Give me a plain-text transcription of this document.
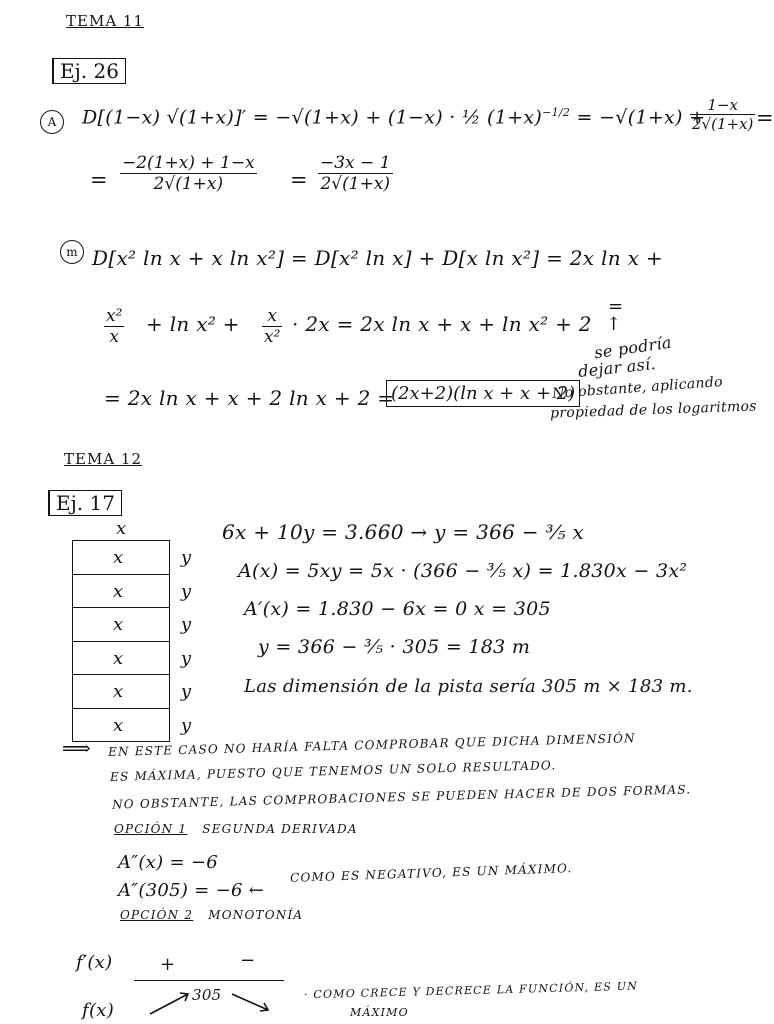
TEMA 11
Ej. 26
A	D[(1−x) √(1+x)]′ = −√(1+x) + (1−x) · ½ $(1+x)^{-1/2} = -√(1+x)$ +
$\frac{1-x}{2√(1+x)}$ =
= $\frac{-2(1+x) + 1-x}{2√(1+x)} = \frac{-3x - 1}{2√(1+x)}$
m D[x² ln x + x ln x²] = D[x² ln x] + D[x ln x²] = 2x ln x +
$\frac{\text{x²}}{x} + \ln x^2 + \frac{x}{\text{x²}} \cdot 2x = 2x$ ln x + x + ln x² + 2
=
↑
se podría
dejar así.
= 2x ln x + x + 2 ln x + 2 =
(2x+2)(ln x + x + 2)
No obstante, aplicando
propiedad de los logaritmos
TEMA 12
Ej. 17
x
x	y
x	y
x	y
x	y
x	y
x	y
6x + 10y = 3.660 → y = 366 − ³⁄₅ x
A(x) = 5xy = 5x · (366 − ³⁄₅ x) = 1.830x − 3x²
A′(x) = 1.830 − 6x = 0 x = 305
y = 366 − ³⁄₅ · 305 = 183 m
Las dimensión de la pista sería 305 m × 183 m.
⟹ EN ESTE CASO NO HARÍA FALTA COMPROBAR QUE DICHA DIMENSIÓN
ES MÁXIMA, PUESTO QUE TENEMOS UN SOLO RESULTADO.
NO OBSTANTE, LAS COMPROBACIONES SE PUEDEN HACER DE DOS FORMAS.
OPCIÓN 1 SEGUNDA DERIVADA
A″(x) = −6
A″(305) = −6 ←
COMO ES NEGATIVO, ES UN MÁXIMO.
OPCIÓN 2 MONOTONÍA
f′(x)	+	−
f(x)
305	· COMO CRECE Y DECRECE LA FUNCIÓN, ES UN
MÁXIMO
